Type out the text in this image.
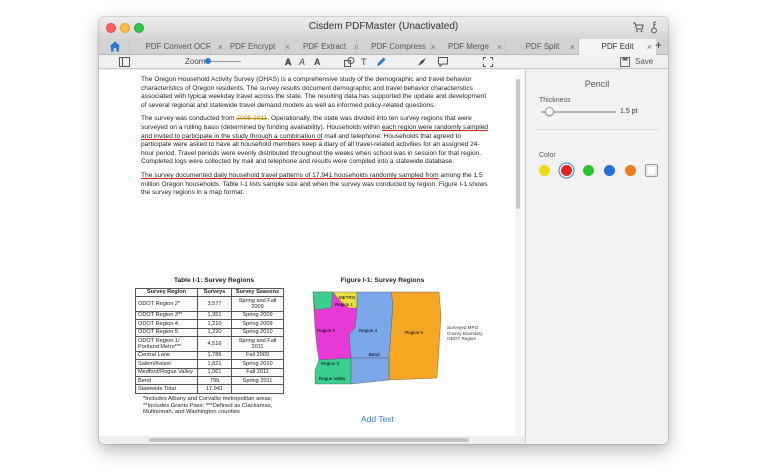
Cisdem PDFMaster (Unactivated)
PDF Convert OCR × PDF Encrypt ×	PDF Extract ×	PDF Compress ×	PDF Merge ×	PDF Split ×	PDF Edit × +
Zoom	𝐀 A A	T	Save

The Oregon Household Activity Survey (OHAS) is a comprehensive study of the demographic and travel behavior characteristics of Oregon residents. The survey results document demographic and travel behavior characteristics associated with typical weekday travel across the state. The resulting data has supported the update and development of several regional and statewide travel demand models as well as informed policy-related questions.

The survey was conducted from 2008-2011. Operationally, the state was divided into ten survey regions that were surveyed on a rolling basis (determined by funding availability). Households within each region were randomly sampled and invited to participate in the study through a combination of mail and telephone. Households that agreed to participate were asked to have all household members keep a diary of all travel-related activities for an assigned 24-hour period. Travel periods were evenly distributed throughout the weeks when school was in session for that region. Completed logs were collected by mail and telephone and results were compiled into a statewide database.

The survey documented daily household travel patterns of 17,941 households randomly sampled from among the 1.5 million Oregon households. Table I-1 lists sample size and when the survey was conducted by region. Figure I-1 shows the survey regions in a map format.

Table I-1: Survey Regions
Survey Region	Surveys	Survey Seasons
ODOT Region 2*	3,577	Spring and Fall 2009
ODOT Region 3**	1,951	Spring 2009
ODOT Region 4	1,210	Spring 2009
ODOT Region 5	1,220	Spring 2010
ODOT Region 1/ Portland Metro***	4,516	Spring and Fall 2011
Central Lane	1,786	Fall 2009
Salem/Keizer	1,821	Spring 2010
Medford/Rogue Valley	1,061	Fall 2011
Bend	799	Spring 2011
Statewide Total	17,941	
*Includes Albany and Corvallis metropolitan areas; **Includes Grants Pass; ***Defined as Clackamas, Multnomah, and Washington counties
Figure I-1: Survey Regions
METRO
Region 1
Region 2
Region 3
Region 4	Region 5
Bend
Rogue Valley
Surveyed MPO
County Boundary
ODOT Region
Add Text
Pencil
Thickness
1.5 pt
Color
